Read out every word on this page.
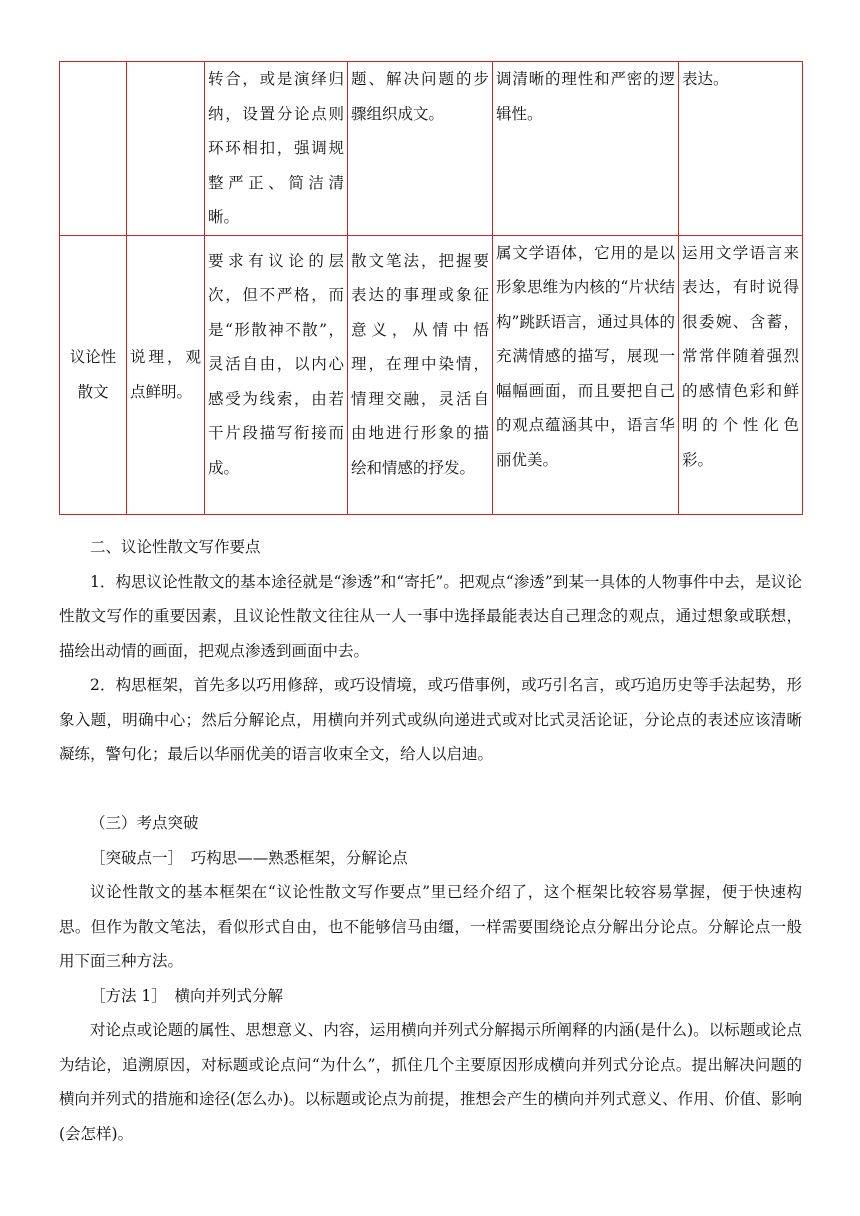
		转合，或是演绎归纳，设置分论点则环环相扣，强调规整严正、简洁清晰。	题、解决问题的步骤组织成文。	调清晰的理性和严密的逻辑性。	表达。
议论性散文	说理，观点鲜明。	要求有议论的层次，但不严格，而是“形散神不散”，灵活自由，以内心感受为线索，由若干片段描写衔接而成。	散文笔法，把握要表达的事理或象征意义，从情中悟理，在理中染情，情理交融，灵活自由地进行形象的描绘和情感的抒发。	属文学语体，它用的是以形象思维为内核的“片状结构”跳跃语言，通过具体的充满情感的描写，展现一幅幅画面，而且要把自己的观点蕴涵其中，语言华丽优美。	运用文学语言来表达，有时说得很委婉、含蓄，常常伴随着强烈的感情色彩和鲜明的个性化色彩。

二、议论性散文写作要点

1．构思议论性散文的基本途径就是“渗透”和“寄托”。把观点“渗透”到某一具体的人物事件中去，是议论性散文写作的重要因素，且议论性散文往往从一人一事中选择最能表达自己理念的观点，通过想象或联想，描绘出动情的画面，把观点渗透到画面中去。

2．构思框架，首先多以巧用修辞，或巧设情境，或巧借事例，或巧引名言，或巧追历史等手法起势，形象入题，明确中心；然后分解论点，用横向并列式或纵向递进式或对比式灵活论证，分论点的表述应该清晰凝练，警句化；最后以华丽优美的语言收束全文，给人以启迪。

（三）考点突破

［突破点一］　巧构思——熟悉框架，分解论点

议论性散文的基本框架在“议论性散文写作要点”里已经介绍了，这个框架比较容易掌握，便于快速构思。但作为散文笔法，看似形式自由，也不能够信马由缰，一样需要围绕论点分解出分论点。分解论点一般用下面三种方法。

［方法 1］　横向并列式分解

对论点或论题的属性、思想意义、内容，运用横向并列式分解揭示所阐释的内涵(是什么)。以标题或论点为结论，追溯原因，对标题或论点问“为什么”，抓住几个主要原因形成横向并列式分论点。提出解决问题的横向并列式的措施和途径(怎么办)。以标题或论点为前提，推想会产生的横向并列式意义、作用、价值、影响(会怎样)。
